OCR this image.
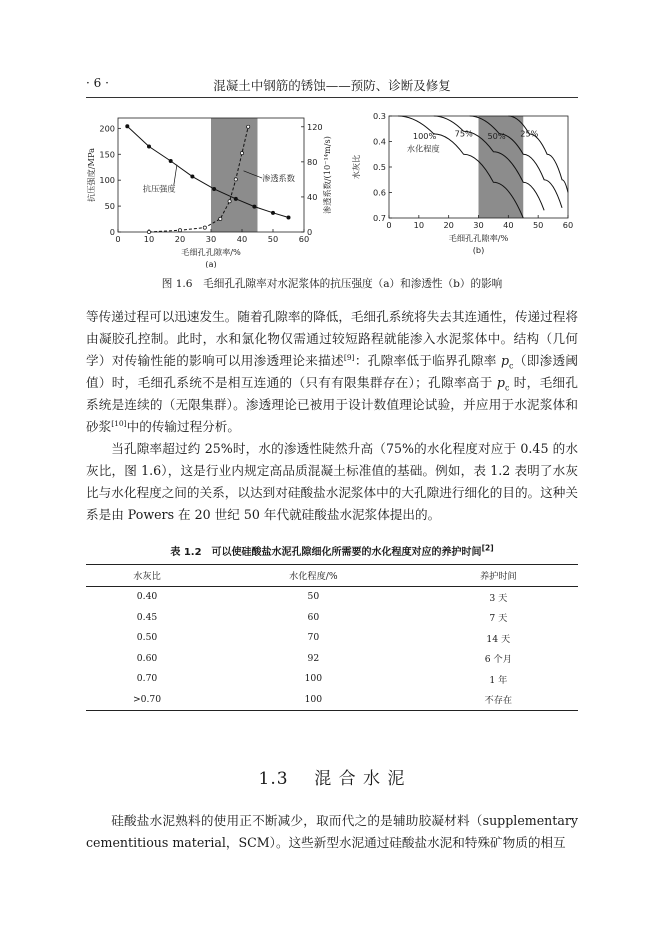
· 6 ·	混凝土中钢筋的锈蚀——预防、诊断及修复
200
150
100
50
0
120
80
40
0
0	10	20	30	40	50	60
抗压强度
渗透系数
抗压强度/MPa	渗透系数/(10⁻¹⁴m/s)
毛细孔孔隙率/%
(a)
0.3
0.4
0.5
0.6
0.7
0	10 20 30 40 50 60
100% 75% 50% 25%
水化程度
水灰比
毛细孔孔隙率/%
(b)
图 1.6　毛细孔孔隙率对水泥浆体的抗压强度（a）和渗透性（b）的影响

等传递过程可以迅速发生。随着孔隙率的降低，毛细孔系统将失去其连通性，传递过程将由凝胶孔控制。此时，水和氯化物仅需通过较短路程就能渗入水泥浆体中。结构（几何学）对传输性能的影响可以用渗透理论来描述[9]：孔隙率低于临界孔隙率 $p_c$（即渗透阈值）时，毛细孔系统不是相互连通的（只有有限集群存在）；孔隙率高于 $p_c$ 时，毛细孔系统是连续的（无限集群）。渗透理论已被用于设计数值理论试验，并应用于水泥浆体和砂浆[10]中的传输过程分析。

当孔隙率超过约 25%时，水的渗透性陡然升高（75%的水化程度对应于 0.45 的水灰比，图 1.6），这是行业内规定高品质混凝土标准值的基础。例如，表 1.2 表明了水灰比与水化程度之间的关系，以达到对硅酸盐水泥浆体中的大孔隙进行细化的目的。这种关系是由 Powers 在 20 世纪 50 年代就硅酸盐水泥浆体提出的。

表 1.2　可以使硅酸盐水泥孔隙细化所需要的水化程度对应的养护时间[2]
水灰比	水化程度/%	养护时间
0.40	50	3 天
0.45	60	7 天
0.50	70	14 天
0.60	92	6 个月
0.70	100	1 年
>0.70	100	不存在
1.3 混 合 水 泥

硅酸盐水泥熟料的使用正不断减少，取而代之的是辅助胶凝材料（supplementary cementitious material，SCM）。这些新型水泥通过硅酸盐水泥和特殊矿物质的相互
